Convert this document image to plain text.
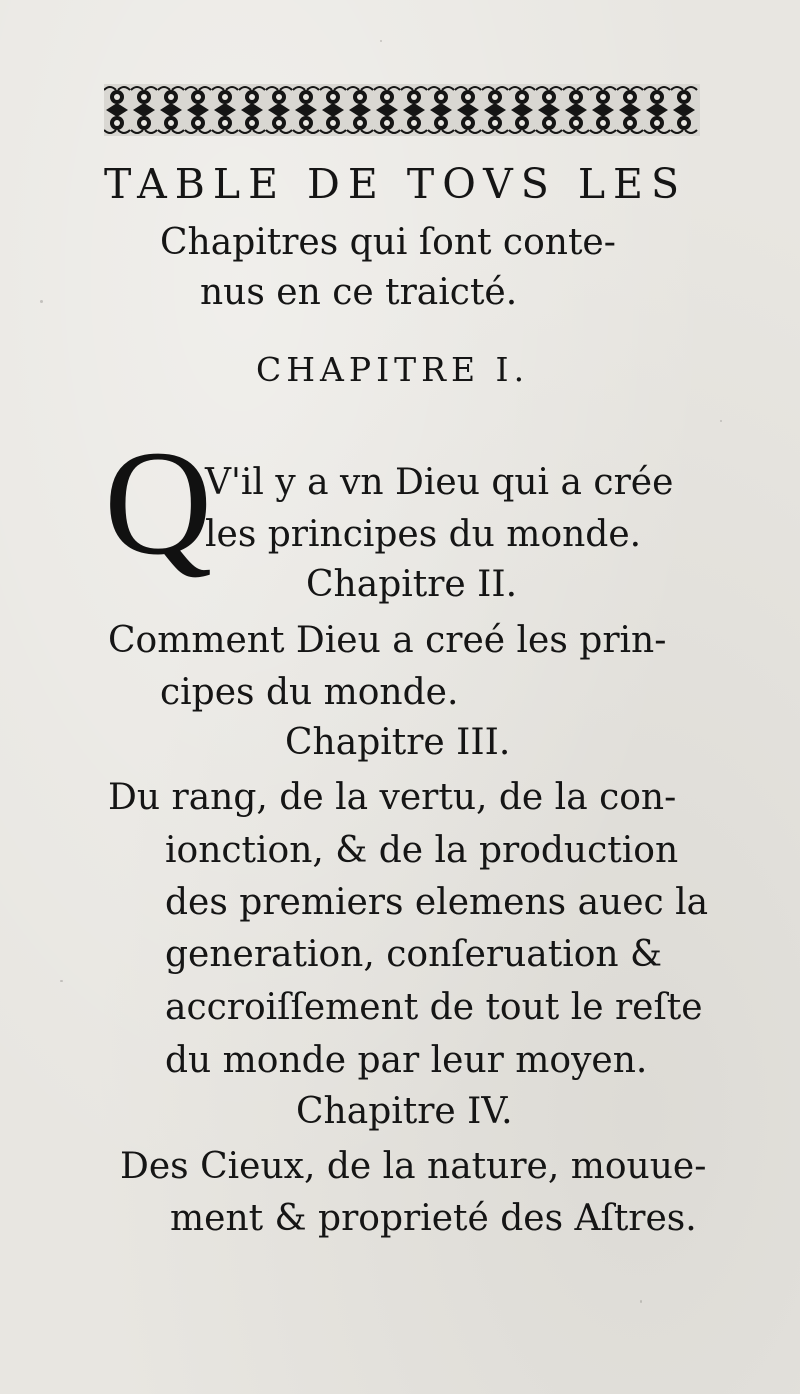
TABLE DE TOVS LES
Chapitres qui ſont conte-
nus en ce traicté.
CHAPITRE I.
Q
V'il y a vn Dieu qui a crée
les principes du monde.
Chapitre II.
Comment Dieu a creé les prin-
cipes du monde.
Chapitre III.
Du rang, de la vertu, de la con-
ionction, & de la production
des premiers elemens auec la
generation, conſeruation &
accroiſſement de tout le reſte
du monde par leur moyen.
Chapitre IV.
Des Cieux, de la nature, mouue-
ment & proprieté des Aſtres.
